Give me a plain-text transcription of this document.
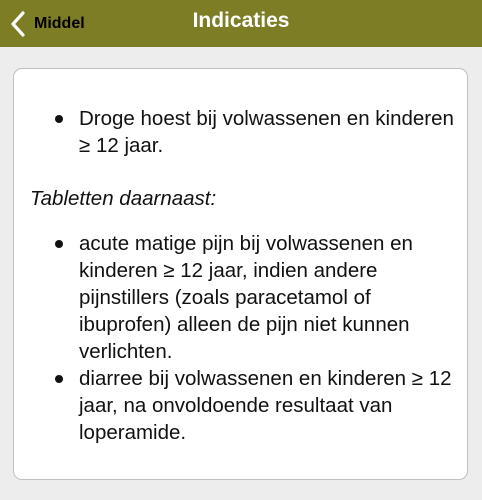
Middel	Indicaties
Droge hoest bij volwassenen en kinderen ≥ 12 jaar.
Tabletten daarnaast:
acute matige pijn bij volwassenen en kinderen ≥ 12 jaar, indien andere pijnstillers (zoals paracetamol of ibuprofen) alleen de pijn niet kunnen verlichten.
diarree bij volwassenen en kinderen ≥ 12 jaar, na onvoldoende resultaat van loperamide.
